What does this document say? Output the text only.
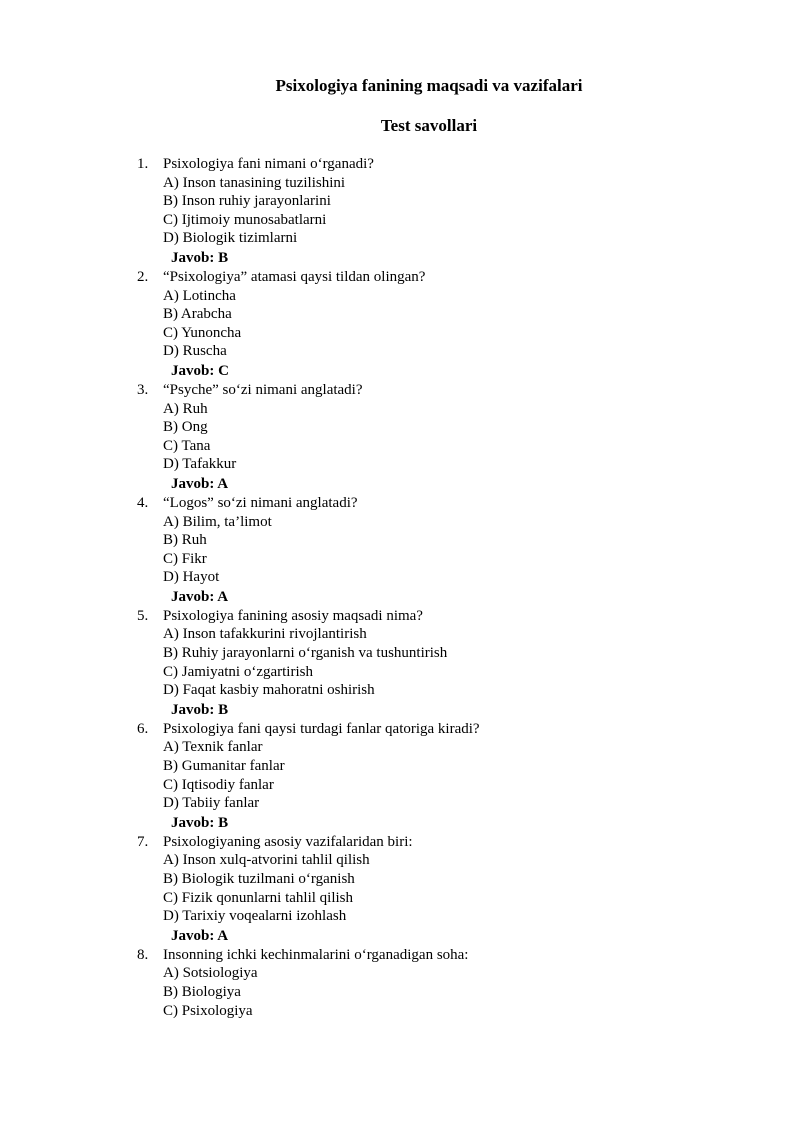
Psixologiya fanining maqsadi va vazifalari
Test savollari
1. Psixologiya fani nimani o‘rganadi?
A) Inson tanasining tuzilishini
B) Inson ruhiy jarayonlarini
C) Ijtimoiy munosabatlarni
D) Biologik tizimlarni
Javob: B
2. “Psixologiya” atamasi qaysi tildan olingan?
A) Lotincha
B) Arabcha
C) Yunoncha
D) Ruscha
Javob: C
3. “Psyche” so‘zi nimani anglatadi?
A) Ruh
B) Ong
C) Tana
D) Tafakkur
Javob: A
4. “Logos” so‘zi nimani anglatadi?
A) Bilim, ta’limot
B) Ruh
C) Fikr
D) Hayot
Javob: A
5. Psixologiya fanining asosiy maqsadi nima?
A) Inson tafakkurini rivojlantirish
B) Ruhiy jarayonlarni o‘rganish va tushuntirish
C) Jamiyatni o‘zgartirish
D) Faqat kasbiy mahoratni oshirish
Javob: B
6. Psixologiya fani qaysi turdagi fanlar qatoriga kiradi?
A) Texnik fanlar
B) Gumanitar fanlar
C) Iqtisodiy fanlar
D) Tabiiy fanlar
Javob: B
7. Psixologiyaning asosiy vazifalaridan biri:
A) Inson xulq-atvorini tahlil qilish
B) Biologik tuzilmani o‘rganish
C) Fizik qonunlarni tahlil qilish
D) Tarixiy voqealarni izohlash
Javob: A
8. Insonning ichki kechinmalarini o‘rganadigan soha:
A) Sotsiologiya
B) Biologiya
C) Psixologiya
